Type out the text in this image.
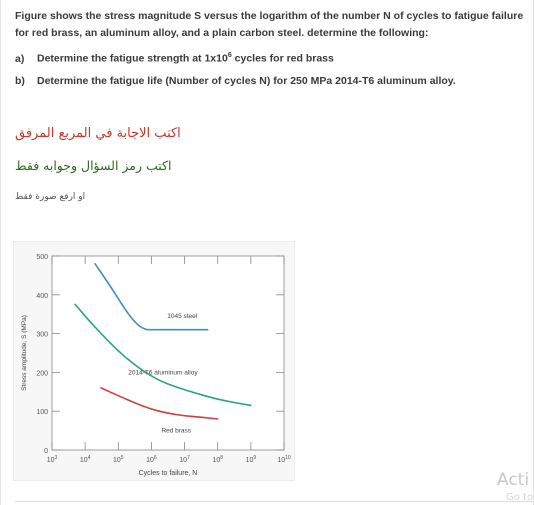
Figure shows the stress magnitude S versus the logarithm of the number N of cycles to fatigue failure for red brass, an aluminum alloy, and a plain carbon steel. determine the following:
a) Determine the fatigue strength at $1x10^6$ cycles for red brass
b) Determine the fatigue life (Number of cycles N) for 250 MPa 2014-T6 aluminum alloy.
اكتب الاجابة في المربع المرفق
اكتب رمز السؤال وجوابه فقط
او ارفع صورة فقط
0
100
200
300
400
500
$10^3$	$10^4$	$10^5$	$10^6$	$10^7$	$10^8$	$10^9$	$10^{10}$
Cycles to failure, N
Stress amplitude, S (MPa)	1045 steel
2014-T6 aluminum alloy
Red brass
Acti
Go to
